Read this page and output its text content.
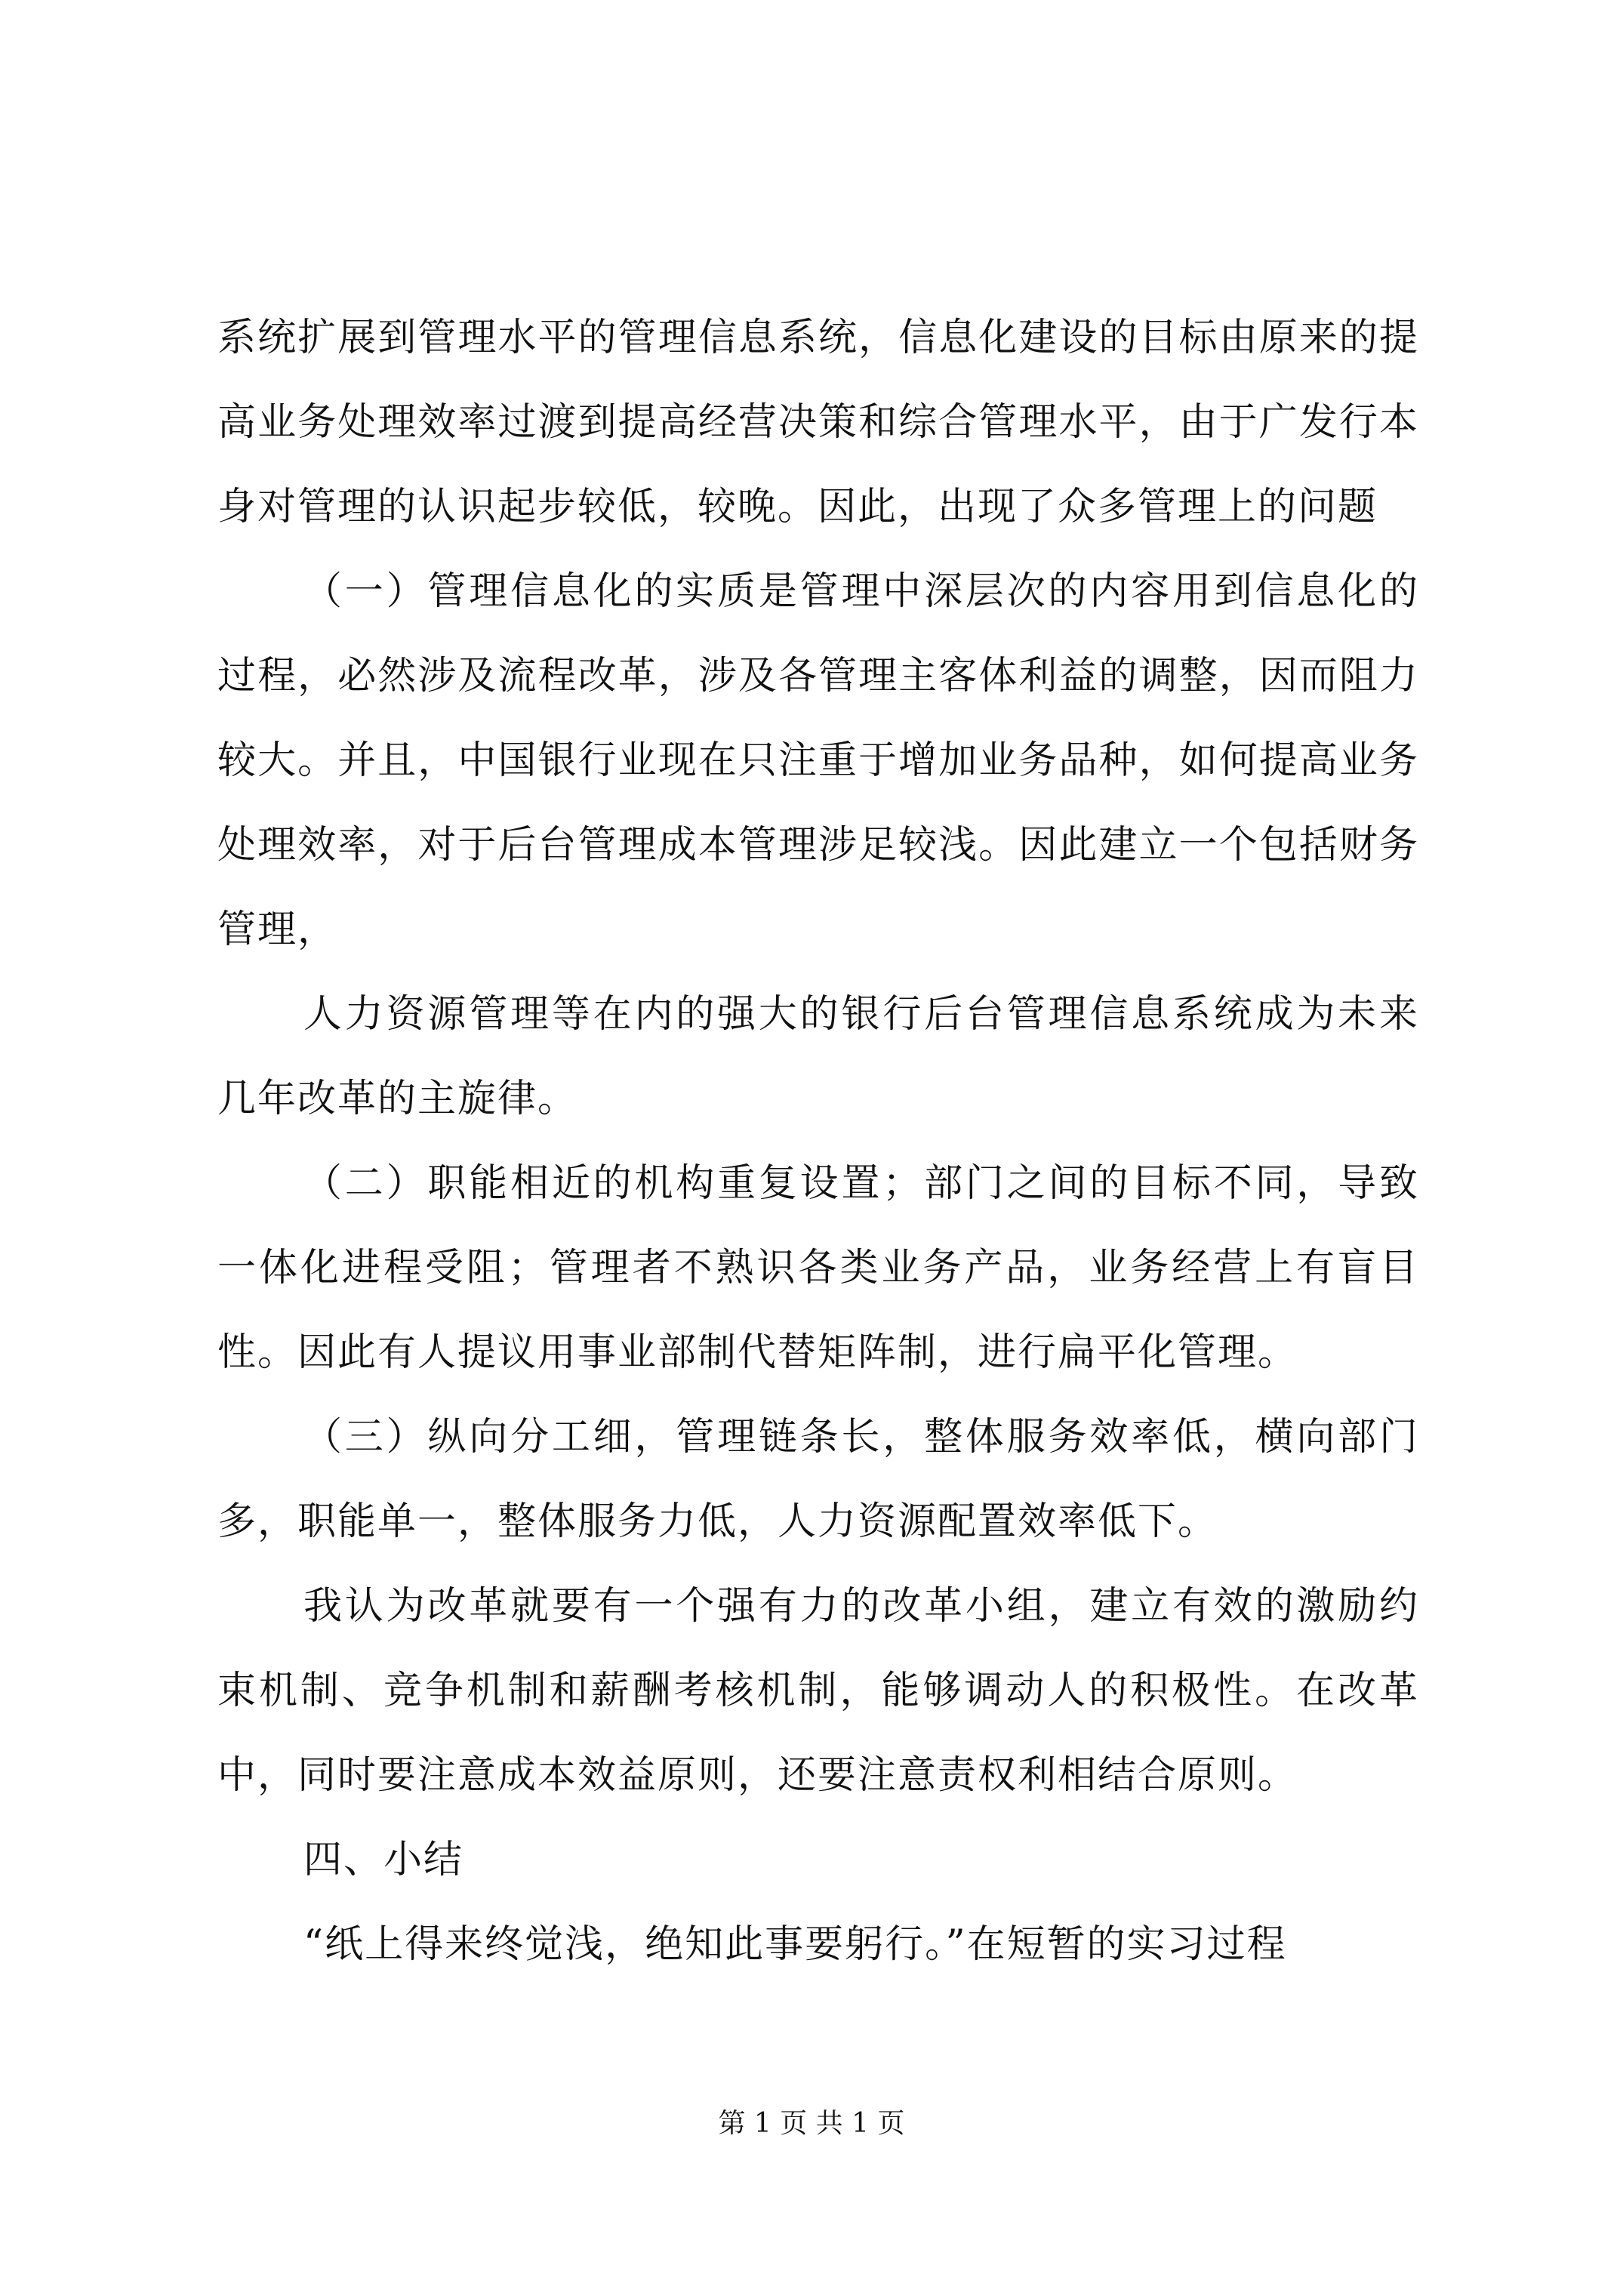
系统扩展到管理水平的管理信息系统，信息化建设的目标由原来的提高业务处理效率过渡到提高经营决策和综合管理水平，由于广发行本身对管理的认识起步较低，较晚。因此，出现了众多管理上的问题

（一）管理信息化的实质是管理中深层次的内容用到信息化的过程，必然涉及流程改革，涉及各管理主客体利益的调整，因而阻力较大。并且，中国银行业现在只注重于增加业务品种，如何提高业务处理效率，对于后台管理成本管理涉足较浅。因此建立一个包括财务管理，

人力资源管理等在内的强大的银行后台管理信息系统成为未来几年改革的主旋律。

（二）职能相近的机构重复设置；部门之间的目标不同，导致一体化进程受阻；管理者不熟识各类业务产品，业务经营上有盲目性。因此有人提议用事业部制代替矩阵制，进行扁平化管理。

（三）纵向分工细，管理链条长，整体服务效率低，横向部门多，职能单一，整体服务力低，人力资源配置效率低下。

我认为改革就要有一个强有力的改革小组，建立有效的激励约束机制、竞争机制和薪酬考核机制，能够调动人的积极性。在改革中，同时要注意成本效益原则，还要注意责权利相结合原则。

四、小结

“纸上得来终觉浅，绝知此事要躬行。”在短暂的实习过程

第 1 页 共 1 页
